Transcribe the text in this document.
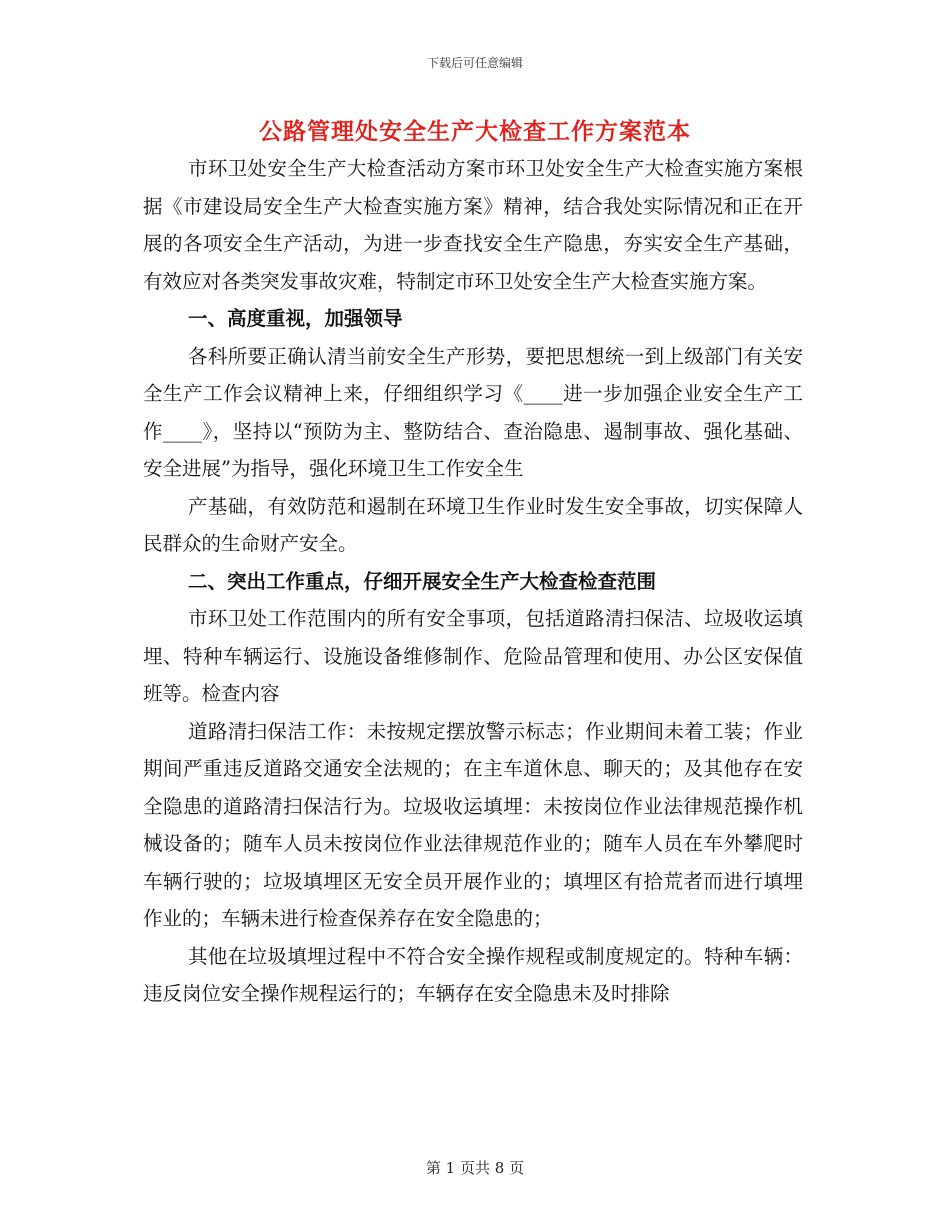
下载后可任意编辑
公路管理处安全生产大检查工作方案范本

市环卫处安全生产大检查活动方案市环卫处安全生产大检查实施方案根据《市建设局安全生产大检查实施方案》精神，结合我处实际情况和正在开展的各项安全生产活动，为进一步查找安全生产隐患，夯实安全生产基础，有效应对各类突发事故灾难，特制定市环卫处安全生产大检查实施方案。

一、高度重视，加强领导

各科所要正确认清当前安全生产形势，要把思想统一到上级部门有关安全生产工作会议精神上来，仔细组织学习《____进一步加强企业安全生产工作____》，坚持以“预防为主、整防结合、查治隐患、遏制事故、强化基础、安全进展”为指导，强化环境卫生工作安全生

产基础，有效防范和遏制在环境卫生作业时发生安全事故，切实保障人民群众的生命财产安全。

二、突出工作重点，仔细开展安全生产大检查检查范围

市环卫处工作范围内的所有安全事项，包括道路清扫保洁、垃圾收运填埋、特种车辆运行、设施设备维修制作、危险品管理和使用、办公区安保值班等。检查内容

道路清扫保洁工作：未按规定摆放警示标志；作业期间未着工装；作业期间严重违反道路交通安全法规的；在主车道休息、聊天的；及其他存在安全隐患的道路清扫保洁行为。垃圾收运填埋：未按岗位作业法律规范操作机械设备的；随车人员未按岗位作业法律规范作业的；随车人员在车外攀爬时车辆行驶的；垃圾填埋区无安全员开展作业的；填埋区有拾荒者而进行填埋作业的；车辆未进行检查保养存在安全隐患的；

其他在垃圾填埋过程中不符合安全操作规程或制度规定的。特种车辆：违反岗位安全操作规程运行的；车辆存在安全隐患未及时排除

第 1 页共 8 页
